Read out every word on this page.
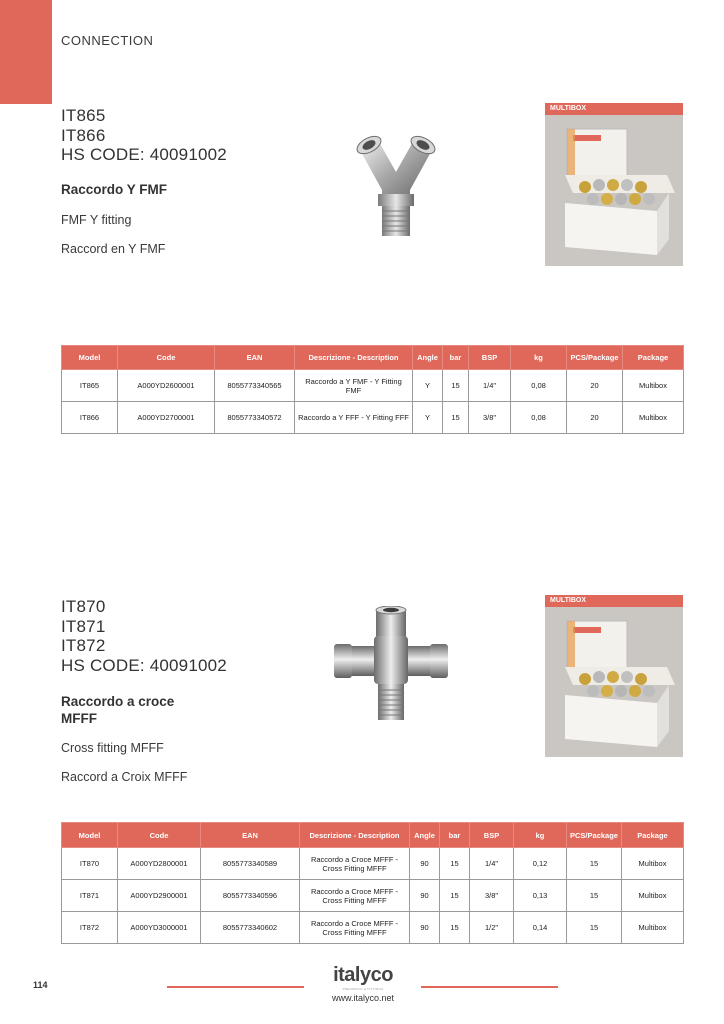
CONNECTION
IT865
IT866
HS CODE: 40091002
Raccordo Y FMF
FMF Y fitting
Raccord en Y FMF
MULTIBOX
Model	Code	EAN	Descrizione - Description	Angle	bar	BSP	kg	PCS/Package	Package
IT865	A000YD2600001	8055773340565	Raccordo a Y FMF - Y Fitting FMF	Y	15	1/4"	0,08	20	Multibox
IT866	A000YD2700001	8055773340572	Raccordo a Y FFF - Y Fitting FFF	Y	15	3/8"	0,08	20	Multibox
IT870
IT871
IT872
HS CODE: 40091002
Raccordo a croce
MFFF
Cross fitting MFFF
Raccord a Croix MFFF
MULTIBOX
Model	Code	EAN	Descrizione - Description	Angle	bar	BSP	kg	PCS/Package	Package
IT870	A000YD2800001	8055773340589	Raccordo a Croce MFFF - Cross Fitting MFFF	90	15	1/4"	0,12	15	Multibox
IT871	A000YD2900001	8055773340596	Raccordo a Croce MFFF - Cross Fitting MFFF	90	15	3/8"	0,13	15	Multibox
IT872	A000YD3000001	8055773340602	Raccordo a Croce MFFF - Cross Fitting MFFF	90	15	1/2"	0,14	15	Multibox
114	italyco
PNEUMATIC & FITTINGS
www.italyco.net
